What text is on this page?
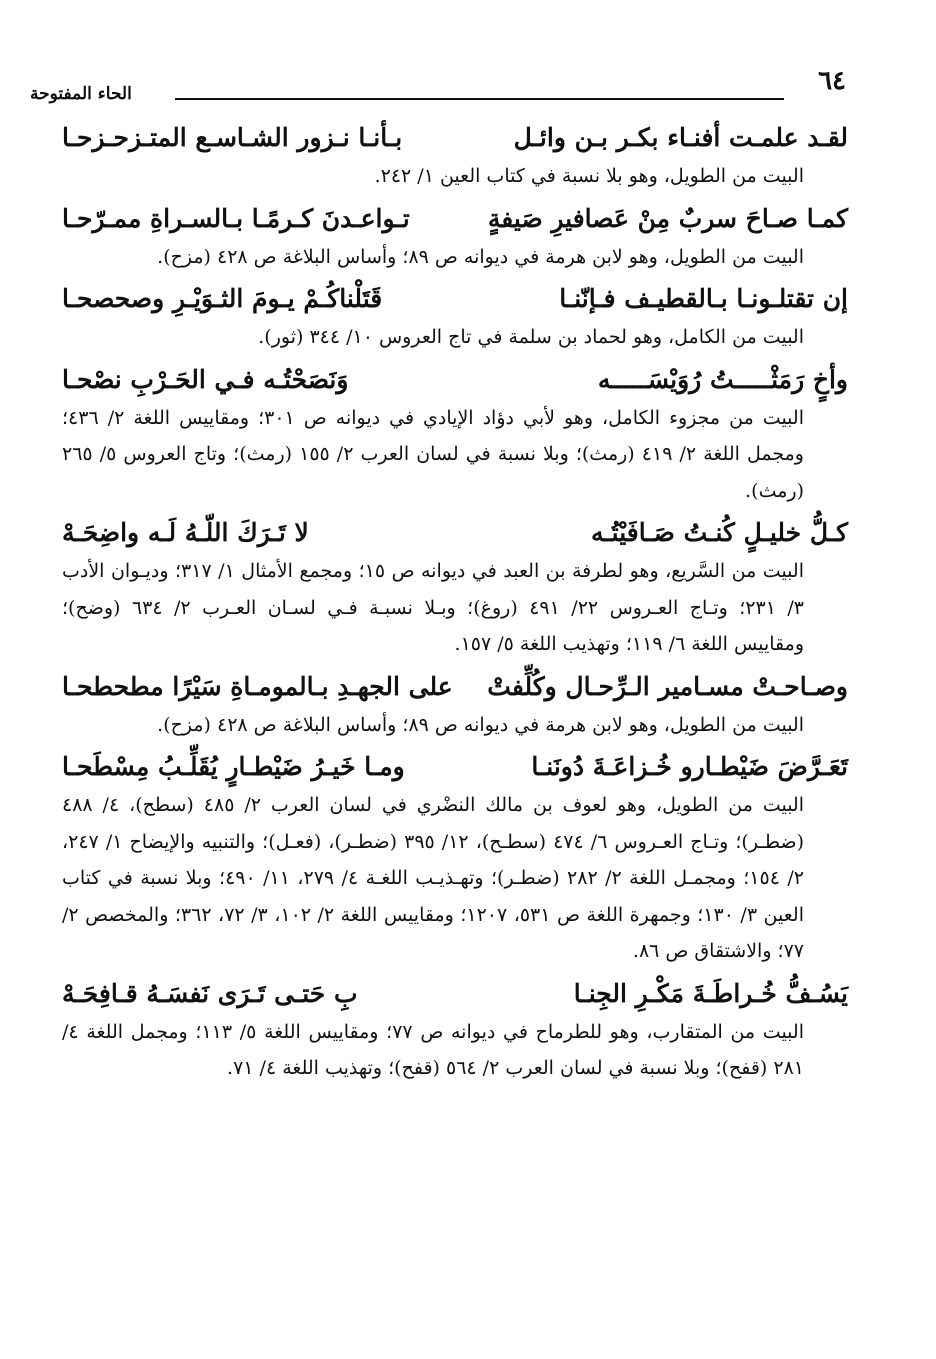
٦٤
الحاء المفتوحة
لقـد علمـت أفنـاء بكـر بـن وائـل
بـأنـا نـزور الشـاسـع المتـزحـزحـا
البيت من الطويل، وهو بلا نسبة في كتاب العين ١/ ٢٤٢.
كمـا صـاحَ سربٌ مِنْ عَصافيرِ صَيفةٍ
تـواعـدنَ كـرمًـا بـالسـراةِ ممـرّحـا
البيت من الطويل، وهو لابن هرمة في ديوانه ص ٨٩؛ وأساس البلاغة ص ٤٢٨ (مزح).
إن تقتلـونـا بـالقطيـف فـإنّنـا
قَتَلْناكُـمْ يـومَ الثـوَيْـرِ وصحصحـا
البيت من الكامل، وهو لحماد بن سلمة في تاج العروس ١٠/ ٣٤٤ (ثور).
وأخٍ رَمَثْـــــتُ رُوَيْسَـــــه
وَنَصَحْتُـه فـي الحَـرْبِ نصْحـا
البيت من مجزوء الكامل، وهو لأبي دؤاد الإيادي في ديوانه ص ٣٠١؛ ومقاييس اللغة ٢/ ٤٣٦؛ ومجمل اللغة ٢/ ٤١٩ (رمث)؛ وبلا نسبة في لسان العرب ٢/ ١٥٥ (رمث)؛ وتاج العروس ٥/ ٢٦٥ (رمث).
كـلُّ خليـلٍ كُنـتُ صَـافَيْتُـه
لا تَـرَكَ اللّـهُ لَـه واضِحَـهْ
البيت من السَّريع، وهو لطرفة بن العبد في ديوانه ص ١٥؛ ومجمع الأمثال ١/ ٣١٧؛ وديـوان الأدب ٣/ ٢٣١؛ وتـاج العـروس ٢٢/ ٤٩١ (روغ)؛ وبـلا نسبـة فـي لسـان العـرب ٢/ ٦٣٤ (وضح)؛ ومقاييس اللغة ٦/ ١١٩؛ وتهذيب اللغة ٥/ ١٥٧.
وصـاحـتْ مسـامير الـرِّحـال وكُلِّفتْ
على الجهـدِ بـالمومـاةِ سَيْرًا مطحطحـا
البيت من الطويل، وهو لابن هرمة في ديوانه ص ٨٩؛ وأساس البلاغة ص ٤٢٨ (مزح).
تَعَـرَّضَ ضَيْطـارو خُـزاعَـةَ دُونَنـا
ومـا خَيـرُ ضَيْطـارٍ يُقَلِّـبُ مِسْطَحـا
البيت من الطويل، وهو لعوف بن مالك النضْري في لسان العرب ٢/ ٤٨٥ (سطح)، ٤/ ٤٨٨ (ضطـر)؛ وتـاج العـروس ٦/ ٤٧٤ (سطـح)، ١٢/ ٣٩٥ (ضطـر)، (فعـل)؛ والتنبيه والإيضاح ١/ ٢٤٧، ٢/ ١٥٤؛ ومجمـل اللغة ٢/ ٢٨٢ (ضطـر)؛ وتهـذيـب اللغـة ٤/ ٢٧٩، ١١/ ٤٩٠؛ وبلا نسبة في كتاب العين ٣/ ١٣٠؛ وجمهرة اللغة ص ٥٣١، ١٢٠٧؛ ومقاييس اللغة ٢/ ١٠٢، ٣/ ٧٢، ٣٦٢؛ والمخصص ٢/ ٧٧؛ والاشتقاق ص ٨٦.
يَسُـفُّ خُـراطَـةَ مَكْـرِ الجِنـا
بِ حَتـى تَـرَى نَفسَـهُ قـافِحَـهْ
البيت من المتقارب، وهو للطرماح في ديوانه ص ٧٧؛ ومقاييس اللغة ٥/ ١١٣؛ ومجمل اللغة ٤/ ٢٨١ (قفح)؛ وبلا نسبة في لسان العرب ٢/ ٥٦٤ (قفح)؛ وتهذيب اللغة ٤/ ٧١.
